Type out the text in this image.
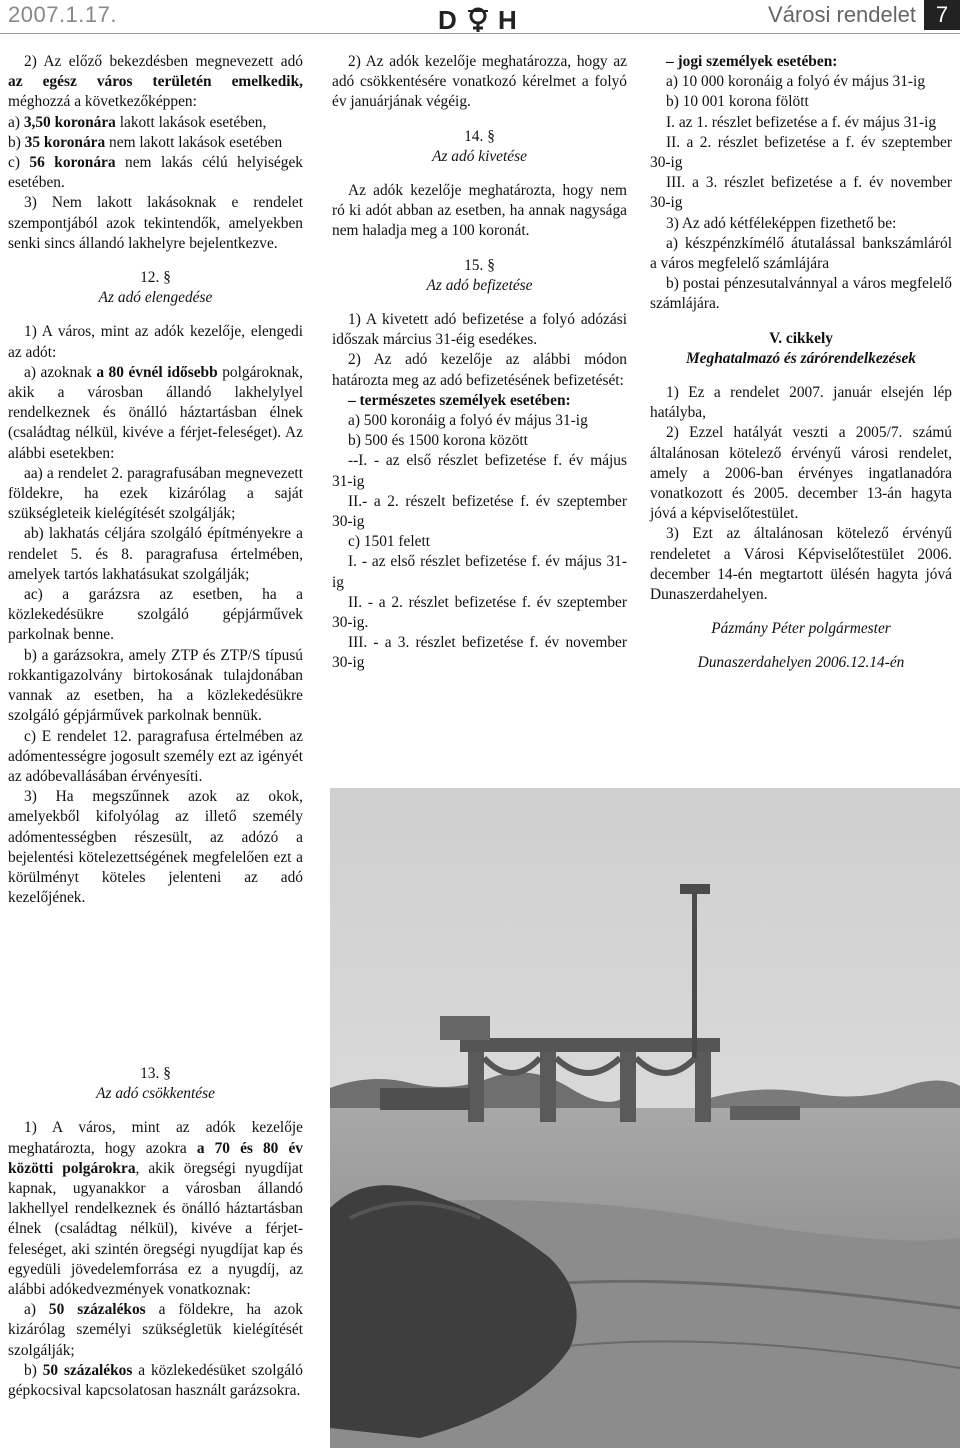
2007.1.17.	D H	Városi rendelet 7

2) Az előző bekezdésben megnevezett adó az egész város területén emelkedik, méghozzá a következőképpen:

a) 3,50 koronára lakott lakások esetében,

b) 35 koronára nem lakott lakások esetében

c) 56 koronára nem lakás célú helyiségek esetében.

3) Nem lakott lakásoknak e rendelet szempontjából azok tekintendők, amelyekben senki sincs állandó lakhelyre bejelentkezve.

12. §

Az adó elengedése

1) A város, mint az adók kezelője, elengedi az adót:

a) azoknak a 80 évnél idősebb polgároknak, akik a városban állandó lakhelylyel rendelkeznek és önálló háztartásban élnek (családtag nélkül, kivéve a férjet-feleséget). Az alábbi esetekben:

aa) a rendelet 2. paragrafusában megnevezett földekre, ha ezek kizárólag a saját szükségleteik kielégítését szolgálják;

ab) lakhatás céljára szolgáló építményekre a rendelet 5. és 8. paragrafusa értelmében, amelyek tartós lakhatásukat szolgálják;

ac) a garázsra az esetben, ha a közlekedésükre szolgáló gépjárművek parkolnak benne.

b) a garázsokra, amely ZTP és ZTP/S típusú rokkantigazolvány birtokosának tulajdonában vannak az esetben, ha a közlekedésükre szolgáló gépjárművek parkolnak bennük.

c) E rendelet 12. paragrafusa értelmében az adómentességre jogosult személy ezt az igényét az adóbevallásában érvényesíti.

3) Ha megszűnnek azok az okok, amelyekből kifolyólag az illető személy adómentességben részesült, az adózó a bejelentési kötelezettségének megfelelően ezt a körülményt köteles jelenteni az adó kezelőjének.

13. §

Az adó csökkentése

1) A város, mint az adók kezelője meghatározta, hogy azokra a 70 és 80 év közötti polgárokra, akik öregségi nyugdíjat kapnak, ugyanakkor a városban állandó lakhellyel rendelkeznek és önálló háztartásban élnek (családtag nélkül), kivéve a férjet-feleséget, aki szintén öregségi nyugdíjat kap és egyedüli jövedelemforrása ez a nyugdíj, az alábbi adókedvezmények vonatkoznak:

a) 50 százalékos a földekre, ha azok kizárólag személyi szükségletük kielégítését szolgálják;

b) 50 százalékos a közlekedésüket szolgáló gépkocsival kapcsolatosan használt garázsokra.

2) Az adók kezelője meghatározza, hogy az adó csökkentésére vonatkozó kérelmet a folyó év januárjának végéig.

14. §

Az adó kivetése

Az adók kezelője meghatározta, hogy nem ró ki adót abban az esetben, ha annak nagysága nem haladja meg a 100 koronát.

15. §

Az adó befizetése

1) A kivetett adó befizetése a folyó adózási időszak március 31-éig esedékes.

2) Az adó kezelője az alábbi módon határozta meg az adó befizetésének befizetését:

– természetes személyek esetében:

a) 500 koronáig a folyó év május 31-ig

b) 500 és 1500 korona között

--I. - az első részlet befizetése f. év május 31-ig

II.- a 2. részelt befizetése f. év szeptember 30-ig

c) 1501 felett

I. - az első részlet befizetése f. év május 31-ig

II. - a 2. részlet befizetése f. év szeptember 30-ig.

III. - a 3. részlet befizetése f. év november 30-ig

– jogi személyek esetében:

a) 10 000 koronáig a folyó év május 31-ig

b) 10 001 korona fölött

I. az 1. részlet befizetése a f. év május 31-ig

II. a 2. részlet befizetése a f. év szeptember 30-ig

III. a 3. részlet befizetése a f. év november 30-ig

3) Az adó kétféleképpen fizethető be:

a) készpénzkímélő átutalással bankszámláról a város megfelelő számlájára

b) postai pénzesutalvánnyal a város megfelelő számlájára.

V. cikkely

Meghatalmazó és zárórendelkezések

1) Ez a rendelet 2007. január elsején lép hatályba,

2) Ezzel hatályát veszti a 2005/7. számú általánosan kötelező érvényű városi rendelet, amely a 2006-ban érvényes ingatlanadóra vonatkozott és 2005. december 13-án hagyta jóvá a képviselőtestület.

3) Ezt az általánosan kötelező érvényű rendeletet a Városi Képviselőtestület 2006. december 14-én megtartott ülésén hagyta jóvá Dunaszerdahelyen.

Pázmány Péter polgármester

Dunaszerdahelyen 2006.12.14-én
